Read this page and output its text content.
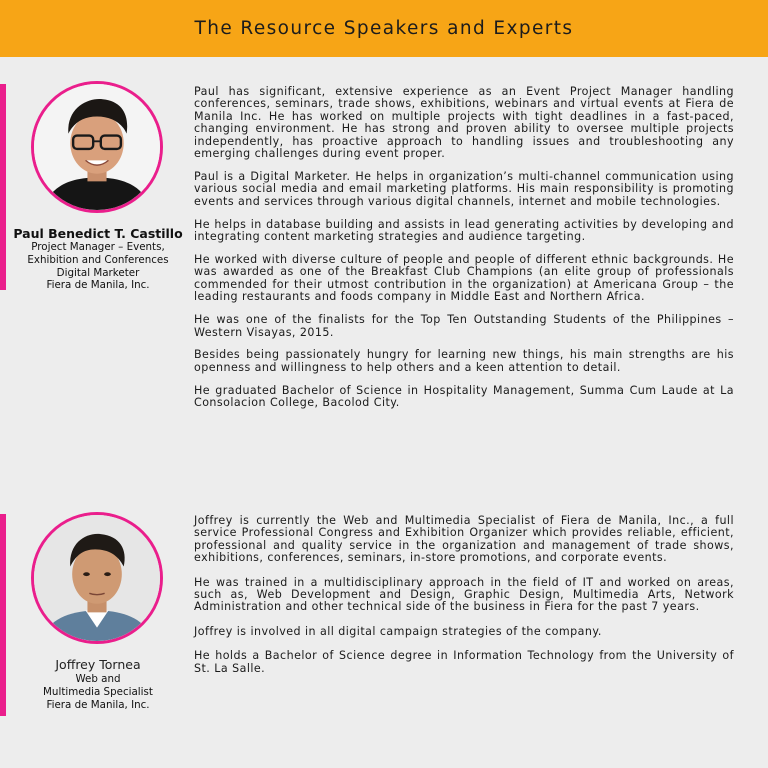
The Resource Speakers and Experts
Paul Benedict T. Castillo
Project Manager – Events,
Exhibition and Conferences
Digital Marketer
Fiera de Manila, Inc.

Paul has significant, extensive experience as an Event Project Manager handling conferences, seminars, trade shows, exhibitions, webinars and virtual events at Fiera de Manila Inc. He has worked on multiple projects with tight deadlines in a fast-paced, changing environment. He has strong and proven ability to oversee multiple projects independently, has proactive approach to handling issues and troubleshooting any emerging challenges during event proper.

Paul is a Digital Marketer. He helps in organization’s multi-channel communication using various social media and email marketing platforms. His main responsibility is promoting events and services through various digital channels, internet and mobile technologies.

He helps in database building and assists in lead generating activities by developing and integrating content marketing strategies and audience targeting.

He worked with diverse culture of people and people of different ethnic backgrounds. He was awarded as one of the Breakfast Club Champions (an elite group of professionals commended for their utmost contribution in the organization) at Americana Group – the leading restaurants and foods company in Middle East and Northern Africa.

He was one of the finalists for the Top Ten Outstanding Students of the Philippines – Western Visayas, 2015.

Besides being passionately hungry for learning new things, his main strengths are his openness and willingness to help others and a keen attention to detail.

He graduated Bachelor of Science in Hospitality Management, Summa Cum Laude at La Consolacion College, Bacolod City.

Joffrey Tornea
Web and
Multimedia Specialist
Fiera de Manila, Inc.

Joffrey is currently the Web and Multimedia Specialist of Fiera de Manila, Inc., a full service Professional Congress and Exhibition Organizer which provides reliable, efficient, professional and quality service in the organization and management of trade shows, exhibitions, conferences, seminars, in-store promotions, and corporate events.

He was trained in a multidisciplinary approach in the field of IT and worked on areas, such as, Web Development and Design, Graphic Design, Multimedia Arts, Network Administration and other technical side of the business in Fiera for the past 7 years.

Joffrey is involved in all digital campaign strategies of the company.

He holds a Bachelor of Science degree in Information Technology from the University of St. La Salle.
